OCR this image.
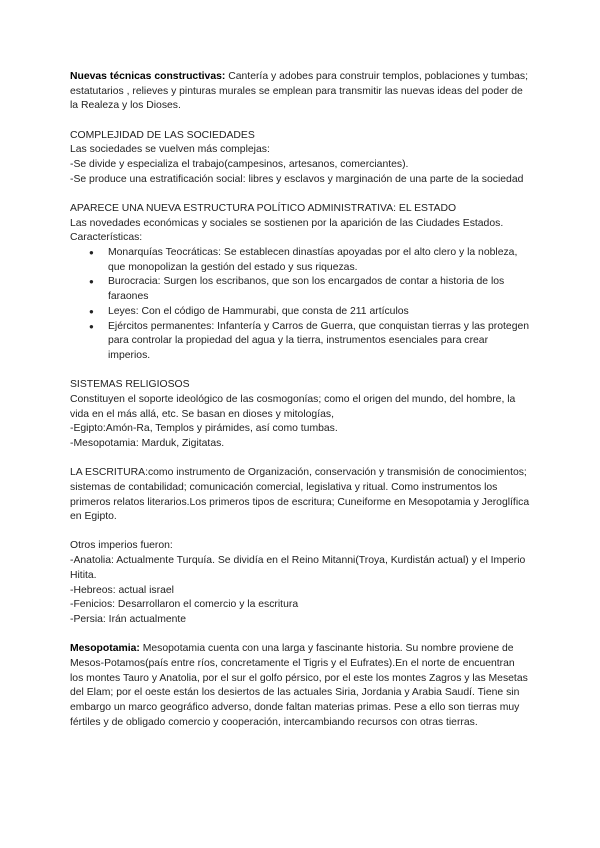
Nuevas técnicas constructivas: Cantería y adobes para construir templos, poblaciones y tumbas; estatutarios , relieves y pinturas murales se emplean para transmitir las nuevas ideas del poder de la Realeza y los Dioses.

COMPLEJIDAD DE LAS SOCIEDADES

Las sociedades se vuelven más complejas:

-Se divide y especializa el trabajo(campesinos, artesanos, comerciantes).

-Se produce una estratificación social: libres y esclavos y marginación de una parte de la sociedad

APARECE UNA NUEVA ESTRUCTURA POLÍTICO ADMINISTRATIVA: EL ESTADO

Las novedades económicas y sociales se sostienen por la aparición de las Ciudades Estados. Características:

● Monarquías Teocráticas: Se establecen dinastías apoyadas por el alto clero y la nobleza, que monopolizan la gestión del estado y sus riquezas.
● Burocracia: Surgen los escribanos, que son los encargados de contar a historia de los faraones
● Leyes: Con el código de Hammurabi, que consta de 211 artículos
● Ejércitos permanentes: Infantería y Carros de Guerra, que conquistan tierras y las protegen para controlar la propiedad del agua y la tierra, instrumentos esenciales para crear imperios.

SISTEMAS RELIGIOSOS

Constituyen el soporte ideológico de las cosmogonías; como el origen del mundo, del hombre, la vida en el más allá, etc. Se basan en dioses y mitologías,

-Egipto:Amón-Ra, Templos y pirámides, así como tumbas.

-Mesopotamia: Marduk, Zigitatas.

LA ESCRITURA:como instrumento de Organización, conservación y transmisión de conocimientos; sistemas de contabilidad; comunicación comercial, legislativa y ritual. Como instrumentos los primeros relatos literarios.Los primeros tipos de escritura; Cuneiforme en Mesopotamia y Jeroglífica en Egipto.

Otros imperios fueron:

-Anatolia: Actualmente Turquía. Se dividía en el Reino Mitanni(Troya, Kurdistán actual) y el Imperio Hitita.

-Hebreos: actual israel

-Fenicios: Desarrollaron el comercio y la escritura

-Persia: Irán actualmente

Mesopotamia: Mesopotamia cuenta con una larga y fascinante historia. Su nombre proviene de Mesos-Potamos(país entre ríos, concretamente el Tigris y el Eufrates).En el norte de encuentran los montes Tauro y Anatolia, por el sur el golfo pérsico, por el este los montes Zagros y las Mesetas del Elam; por el oeste están los desiertos de las actuales Siria, Jordania y Arabia Saudí. Tiene sin embargo un marco geográfico adverso, donde faltan materias primas. Pese a ello son tierras muy fértiles y de obligado comercio y cooperación, intercambiando recursos con otras tierras.
